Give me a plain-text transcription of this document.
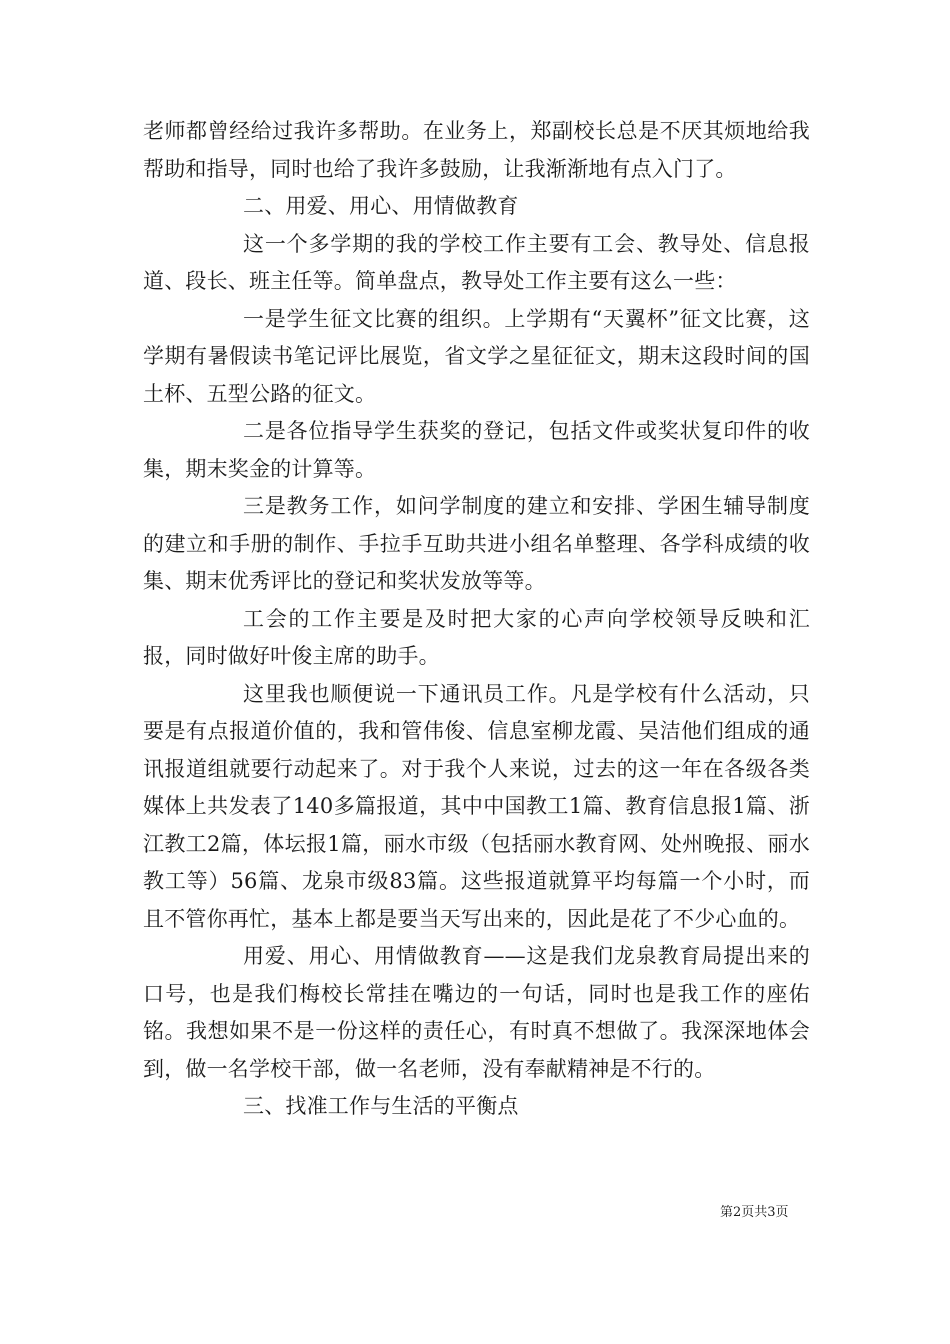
老师都曾经给过我许多帮助。在业务上，郑副校长总是不厌其烦地给我帮助和指导，同时也给了我许多鼓励，让我渐渐地有点入门了。

二、用爱、用心、用情做教育

这一个多学期的我的学校工作主要有工会、教导处、信息报道、段长、班主任等。简单盘点，教导处工作主要有这么一些：

一是学生征文比赛的组织。上学期有“天翼杯”征文比赛，这学期有暑假读书笔记评比展览，省文学之星征征文，期末这段时间的国土杯、五型公路的征文。

二是各位指导学生获奖的登记，包括文件或奖状复印件的收集，期末奖金的计算等。

三是教务工作，如问学制度的建立和安排、学困生辅导制度的建立和手册的制作、手拉手互助共进小组名单整理、各学科成绩的收集、期末优秀评比的登记和奖状发放等等。

工会的工作主要是及时把大家的心声向学校领导反映和汇报，同时做好叶俊主席的助手。

这里我也顺便说一下通讯员工作。凡是学校有什么活动，只要是有点报道价值的，我和管伟俊、信息室柳龙霞、吴洁他们组成的通讯报道组就要行动起来了。对于我个人来说，过去的这一年在各级各类媒体上共发表了140多篇报道，其中中国教工1篇、教育信息报1篇、浙江教工2篇，体坛报1篇，丽水市级（包括丽水教育网、处州晚报、丽水教工等）56篇、龙泉市级83篇。这些报道就算平均每篇一个小时，而且不管你再忙，基本上都是要当天写出来的，因此是花了不少心血的。

用爱、用心、用情做教育——这是我们龙泉教育局提出来的口号，也是我们梅校长常挂在嘴边的一句话，同时也是我工作的座佑铭。我想如果不是一份这样的责任心，有时真不想做了。我深深地体会到，做一名学校干部，做一名老师，没有奉献精神是不行的。

三、找准工作与生活的平衡点

第2页共3页
